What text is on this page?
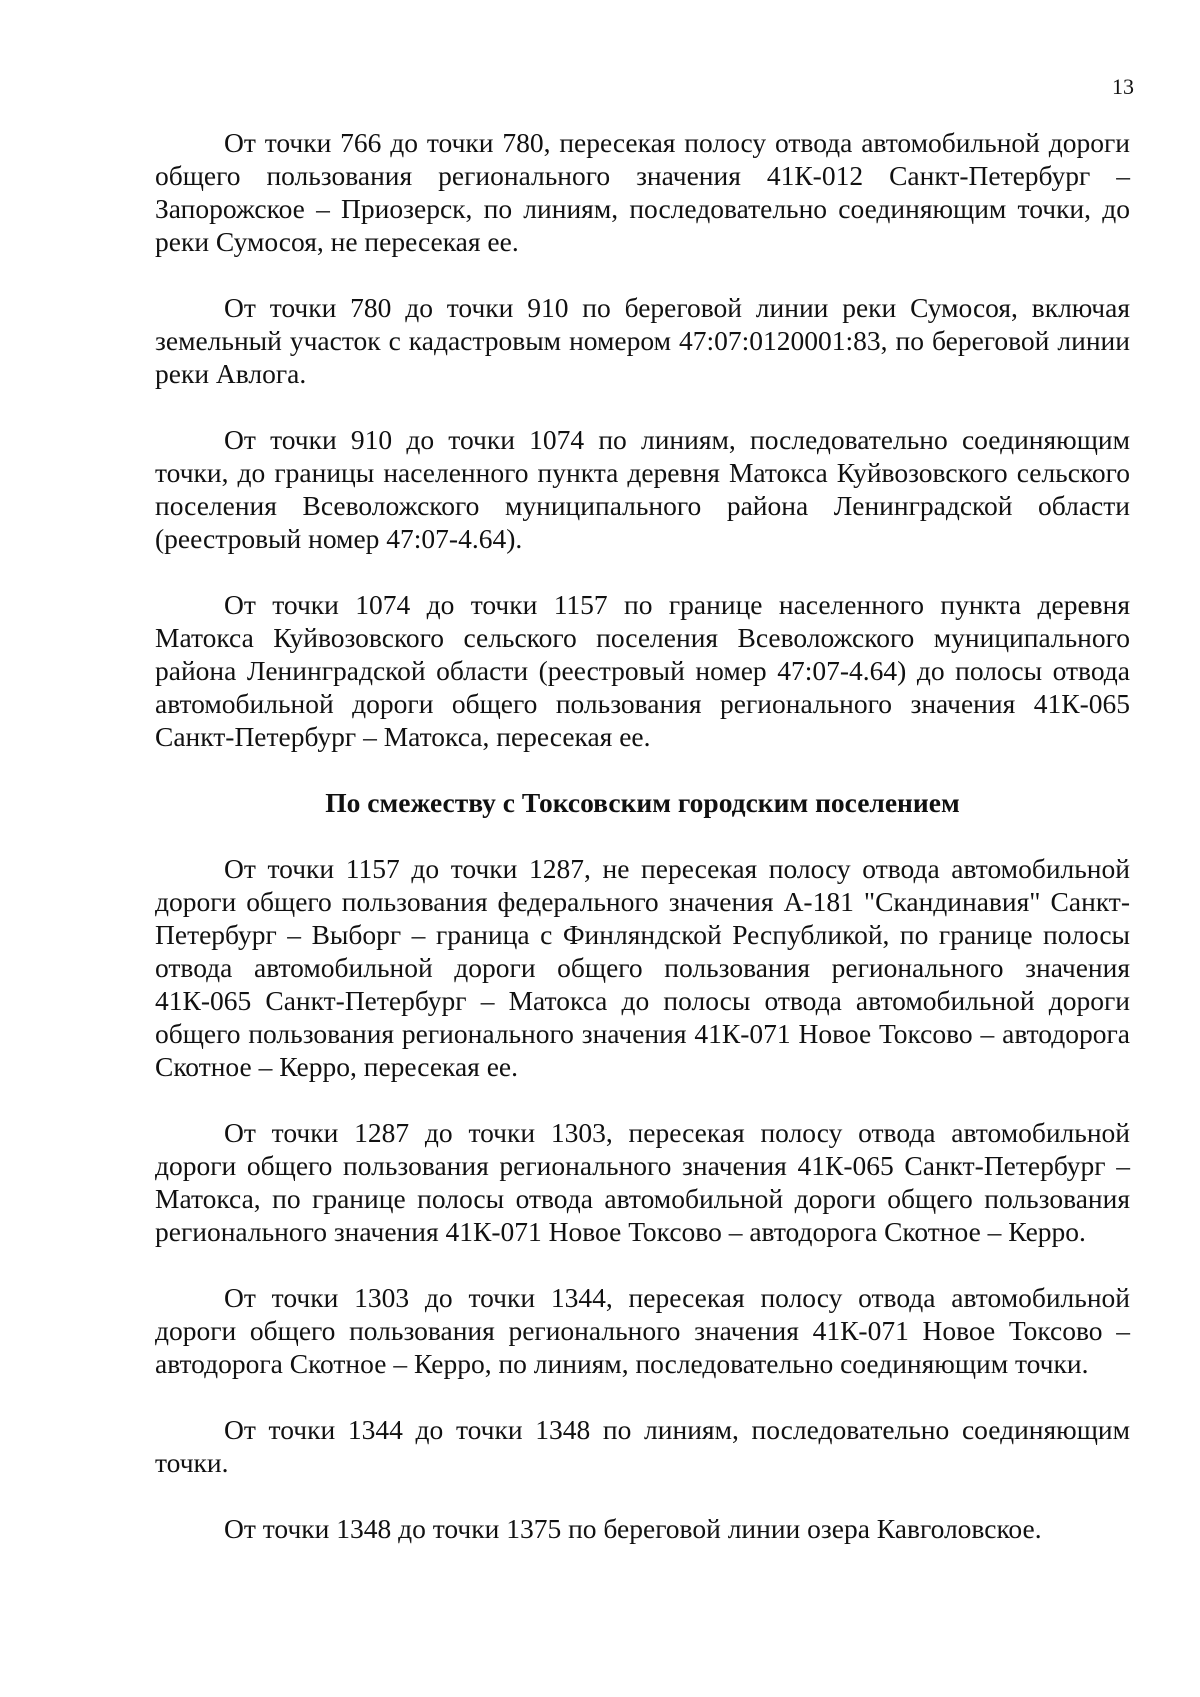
13

От точки 766 до точки 780, пересекая полосу отвода автомобильной дороги общего пользования регионального значения 41К-012 Санкт-Петербург – Запорожское – Приозерск, по линиям, последовательно соединяющим точки, до реки Сумосоя, не пересекая ее.

От точки 780 до точки 910 по береговой линии реки Сумосоя, включая земельный участок с кадастровым номером 47:07:0120001:83, по береговой линии реки Авлога.

От точки 910 до точки 1074 по линиям, последовательно соединяющим точки, до границы населенного пункта деревня Матокса Куйвозовского сельского поселения Всеволожского муниципального района Ленинградской области (реестровый номер 47:07-4.64).

От точки 1074 до точки 1157 по границе населенного пункта деревня Матокса Куйвозовского сельского поселения Всеволожского муниципального района Ленинградской области (реестровый номер 47:07-4.64) до полосы отвода автомобильной дороги общего пользования регионального значения 41К-065 Санкт-Петербург – Матокса, пересекая ее.

По смежеству с Токсовским городским поселением

От точки 1157 до точки 1287, не пересекая полосу отвода автомобильной дороги общего пользования федерального значения А-181 "Скандинавия" Санкт-Петербург – Выборг – граница с Финляндской Республикой, по границе полосы отвода автомобильной дороги общего пользования регионального значения 41К-065 Санкт-Петербург – Матокса до полосы отвода автомобильной дороги общего пользования регионального значения 41К-071 Новое Токсово – автодорога Скотное – Керро, пересекая ее.

От точки 1287 до точки 1303, пересекая полосу отвода автомобильной дороги общего пользования регионального значения 41К-065 Санкт-Петербург – Матокса, по границе полосы отвода автомобильной дороги общего пользования регионального значения 41К-071 Новое Токсово – автодорога Скотное – Керро.

От точки 1303 до точки 1344, пересекая полосу отвода автомобильной дороги общего пользования регионального значения 41К-071 Новое Токсово – автодорога Скотное – Керро, по линиям, последовательно соединяющим точки.

От точки 1344 до точки 1348 по линиям, последовательно соединяющим точки.

От точки 1348 до точки 1375 по береговой линии озера Кавголовское.
